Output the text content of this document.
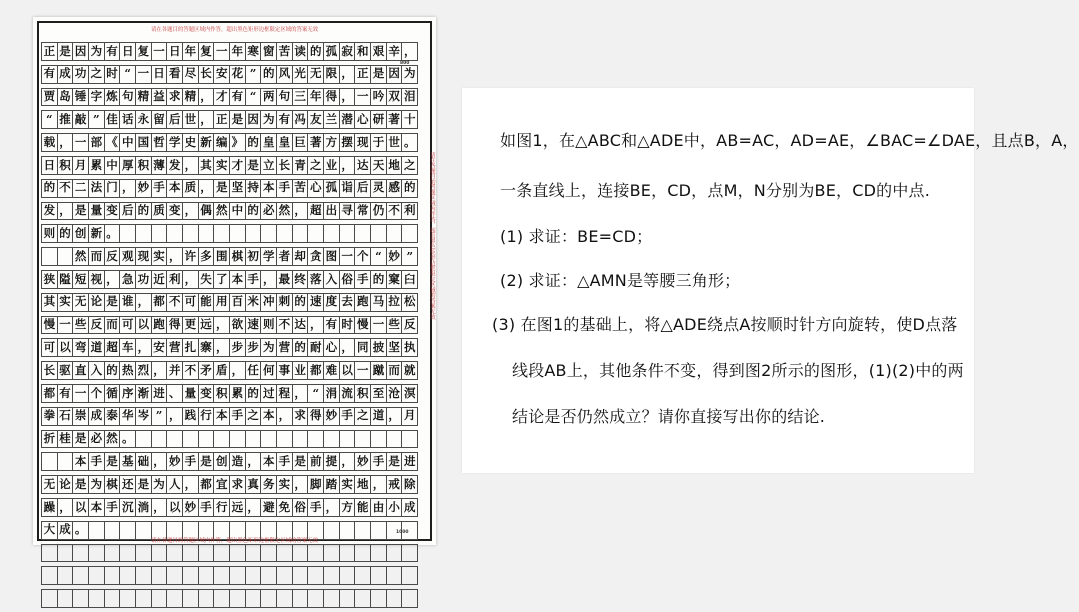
请在各题目的答题区域内作答，超出黑色矩形边框限定区域的答案无效
请在各题目的答题区域内作答，超出黑色矩形边框限定区域的答案无效
正 是 因 为 有 日 复 一 日 年 复 一 年 寒 窗 苦 读 的 孤 寂 和 艰 辛 ，
有 成 功 之 时 “ 一 日 看 尽 长 安 花 ” 的 风 光 无 限 ， 正 是 因 为
贾 岛 锤 字 炼 句 精 益 求 精 ， 才 有 “ 两 句 三 年 得 ， 一 吟 双 泪
“ 推 敲 ” 佳 话 永 留 后 世 ， 正 是 因 为 有 冯 友 兰 潜 心 研 著 十
载 ， 一 部 《 中 国 哲 学 史 新 编 》 的 皇 皇 巨 著 方 摆 现 于 世 。
日 积 月 累 中 厚 积 薄 发 ， 其 实 才 是 立 长 青 之 业 ， 达 天 地 之
的 不 二 法 门 ， 妙 手 本 质 ， 是 坚 持 本 手 苦 心 孤 诣 后 灵 感 的
发 ， 是 量 变 后 的 质 变 ， 偶 然 中 的 必 然 ， 超 出 寻 常 仍 不 利
则 的 创 新 。
然 而 反 观 现 实 ， 许 多 围 棋 初 学 者 却 贪 图 一 个 “ 妙 ”
狭 隘 短 视 ， 急 功 近 利 ， 失 了 本 手 ， 最 终 落 入 俗 手 的 窠 臼
其 实 无 论 是 谁 ， 都 不 可 能 用 百 米 冲 刺 的 速 度 去 跑 马 拉 松
慢 一 些 反 而 可 以 跑 得 更 远 ， 欲 速 则 不 达 ， 有 时 慢 一 些 反
可 以 弯 道 超 车 ， 安 营 扎 寨 ， 步 步 为 营 的 耐 心 ， 同 披 坚 执
长 驱 直 入 的 热 烈 ， 并 不 矛 盾 ， 任 何 事 业 都 难 以 一 蹴 而 就
都 有 一 个 循 序 渐 进 、 量 变 积 累 的 过 程 ， “ 涓 流 积 至 沧 溟
拳 石 崇 成 泰 华 岑 ” ， 践 行 本 手 之 本 ， 求 得 妙 手 之 道 ， 月
折 桂 是 必 然 。
本 手 是 基 础 ， 妙 手 是 创 造 ， 本 手 是 前 提 ， 妙 手 是 进
无 论 是 为 棋 还 是 为 人 ， 都 宜 求 真 务 实 ， 脚 踏 实 地 ， 戒 除
躁 ， 以 本 手 沉 淌 ， 以 妙 手 行 远 ， 避 免 俗 手 ， 方 能 由 小 成
大 成 。
800
1000
请在各题目的答题区域内作答，超出黑色矩形边框限定区域的答案无效
如图1，在△ABC和△ADE中，AB=AC，AD=AE，∠BAC=∠DAE，且点B，A，
一条直线上，连接BE，CD，点M，N分别为BE，CD的中点.
(1) 求证：BE=CD；
(2) 求证：△AMN是等腰三角形；
(3) 在图1的基础上，将△ADE绕点A按顺时针方向旋转，使D点落
线段AB上，其他条件不变，得到图2所示的图形，(1)(2)中的两
结论是否仍然成立？请你直接写出你的结论.
